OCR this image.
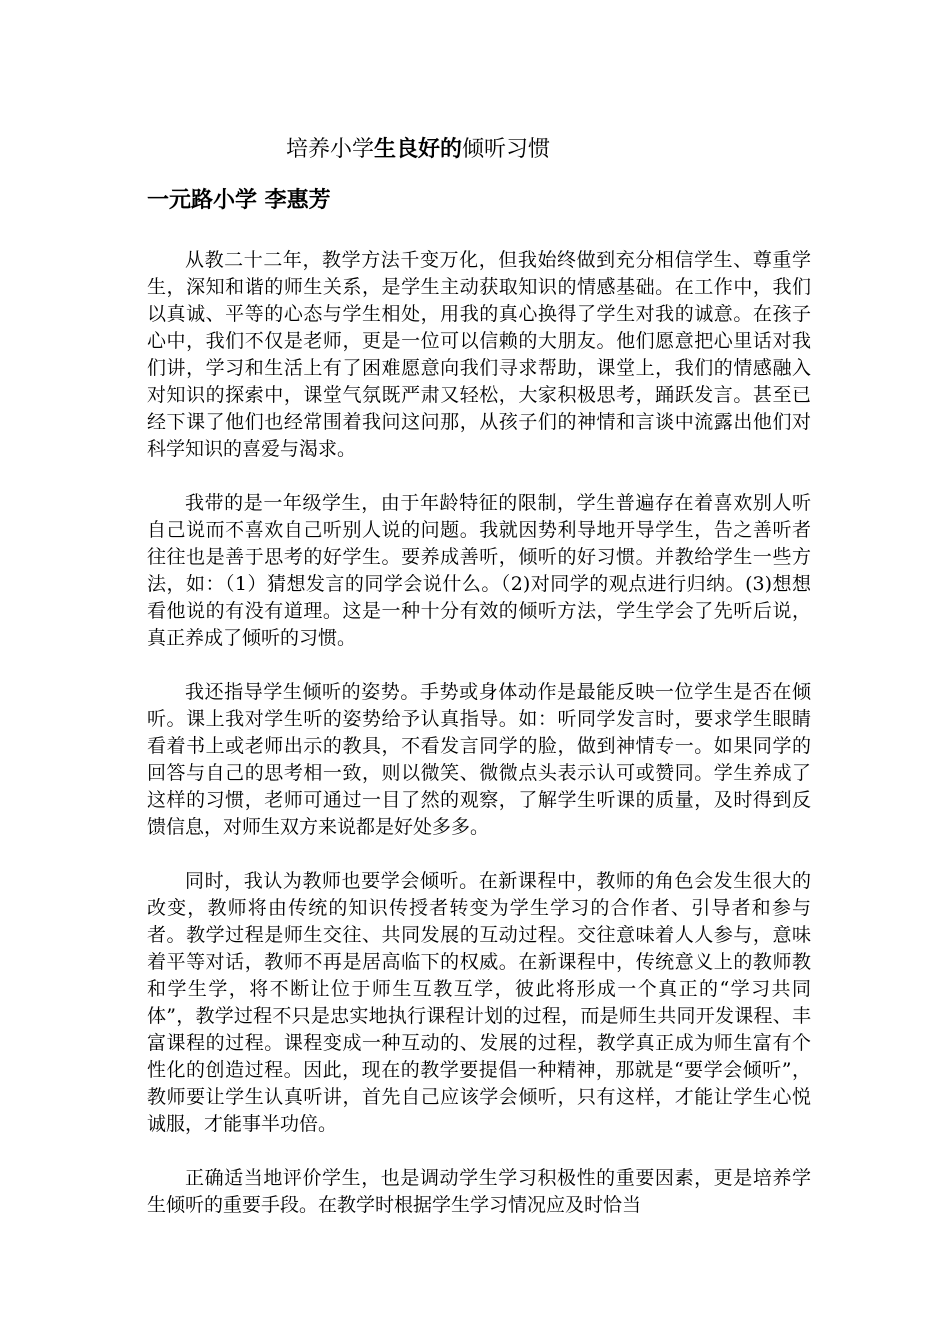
培养小学生良好的倾听习惯
一元路小学 李惠芳

从教二十二年，教学方法千变万化，但我始终做到充分相信学生、尊重学生，深知和谐的师生关系，是学生主动获取知识的情感基础。在工作中，我们以真诚、平等的心态与学生相处，用我的真心换得了学生对我的诚意。在孩子心中，我们不仅是老师，更是一位可以信赖的大朋友。他们愿意把心里话对我们讲，学习和生活上有了困难愿意向我们寻求帮助，课堂上，我们的情感融入对知识的探索中，课堂气氛既严肃又轻松，大家积极思考，踊跃发言。甚至已经下课了他们也经常围着我问这问那，从孩子们的神情和言谈中流露出他们对科学知识的喜爱与渴求。

我带的是一年级学生，由于年龄特征的限制，学生普遍存在着喜欢别人听自己说而不喜欢自己听别人说的问题。我就因势利导地开导学生，告之善听者往往也是善于思考的好学生。要养成善听，倾听的好习惯。并教给学生一些方法，如：（1）猜想发言的同学会说什么。（2)对同学的观点进行归纳。(3)想想看他说的有没有道理。这是一种十分有效的倾听方法，学生学会了先听后说，真正养成了倾听的习惯。

我还指导学生倾听的姿势。手势或身体动作是最能反映一位学生是否在倾听。课上我对学生听的姿势给予认真指导。如：听同学发言时，要求学生眼睛看着书上或老师出示的教具，不看发言同学的脸，做到神情专一。如果同学的回答与自己的思考相一致，则以微笑、微微点头表示认可或赞同。学生养成了这样的习惯，老师可通过一目了然的观察，了解学生听课的质量，及时得到反馈信息，对师生双方来说都是好处多多。

同时，我认为教师也要学会倾听。在新课程中，教师的角色会发生很大的改变，教师将由传统的知识传授者转变为学生学习的合作者、引导者和参与者。教学过程是师生交往、共同发展的互动过程。交往意味着人人参与，意味着平等对话，教师不再是居高临下的权威。在新课程中，传统意义上的教师教和学生学，将不断让位于师生互教互学，彼此将形成一个真正的“学习共同体”，教学过程不只是忠实地执行课程计划的过程，而是师生共同开发课程、丰富课程的过程。课程变成一种互动的、发展的过程，教学真正成为师生富有个性化的创造过程。因此，现在的教学要提倡一种精神，那就是“要学会倾听”，教师要让学生认真听讲，首先自己应该学会倾听，只有这样，才能让学生心悦诚服，才能事半功倍。

正确适当地评价学生，也是调动学生学习积极性的重要因素，更是培养学生倾听的重要手段。在教学时根据学生学习情况应及时恰当
